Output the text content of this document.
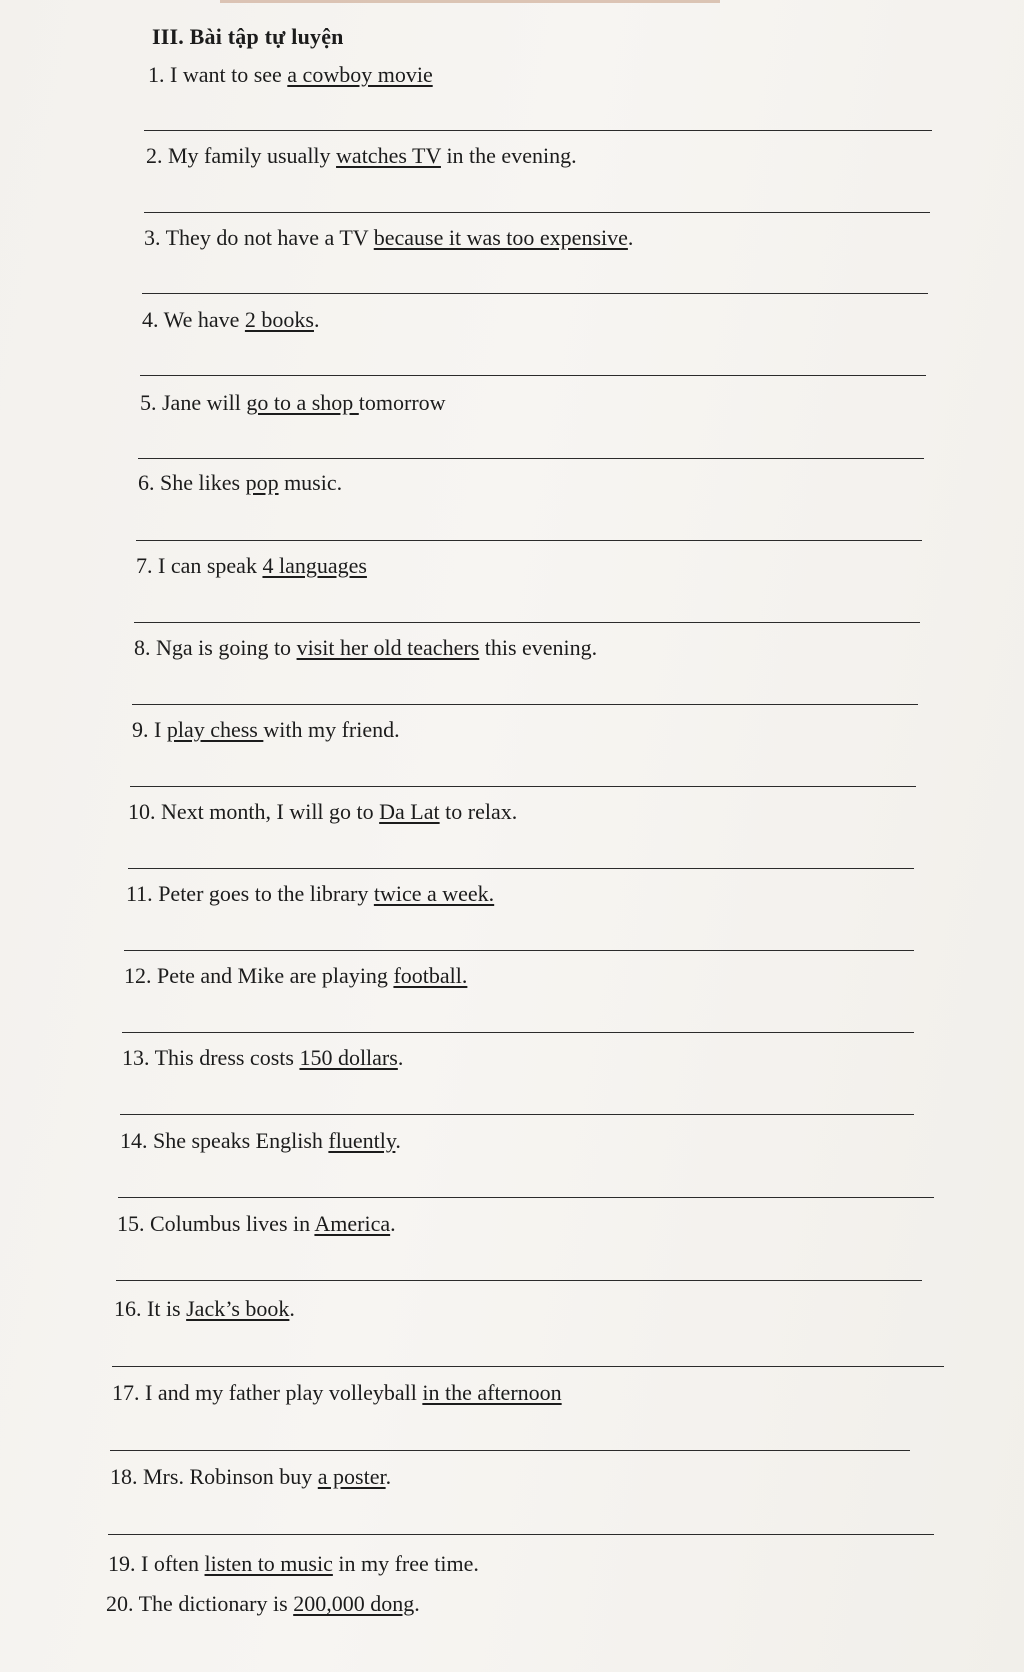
III. Bài tập tự luyện
1. I want to see a cowboy movie
2. My family usually watches TV in the evening.
3. They do not have a TV because it was too expensive.
4. We have 2 books.
5. Jane will go to a shop tomorrow
6. She likes pop music.
7. I can speak 4 languages
8. Nga is going to visit her old teachers this evening.
9. I play chess with my friend.
10. Next month, I will go to Da Lat to relax.
11. Peter goes to the library twice a week.
12. Pete and Mike are playing football.
13. This dress costs 150 dollars.
14. She speaks English fluently.
15. Columbus lives in America.
16. It is Jack’s book.
17. I and my father play volleyball in the afternoon
18. Mrs. Robinson buy a poster.
19. I often listen to music in my free time.
20. The dictionary is 200,000 dong.
